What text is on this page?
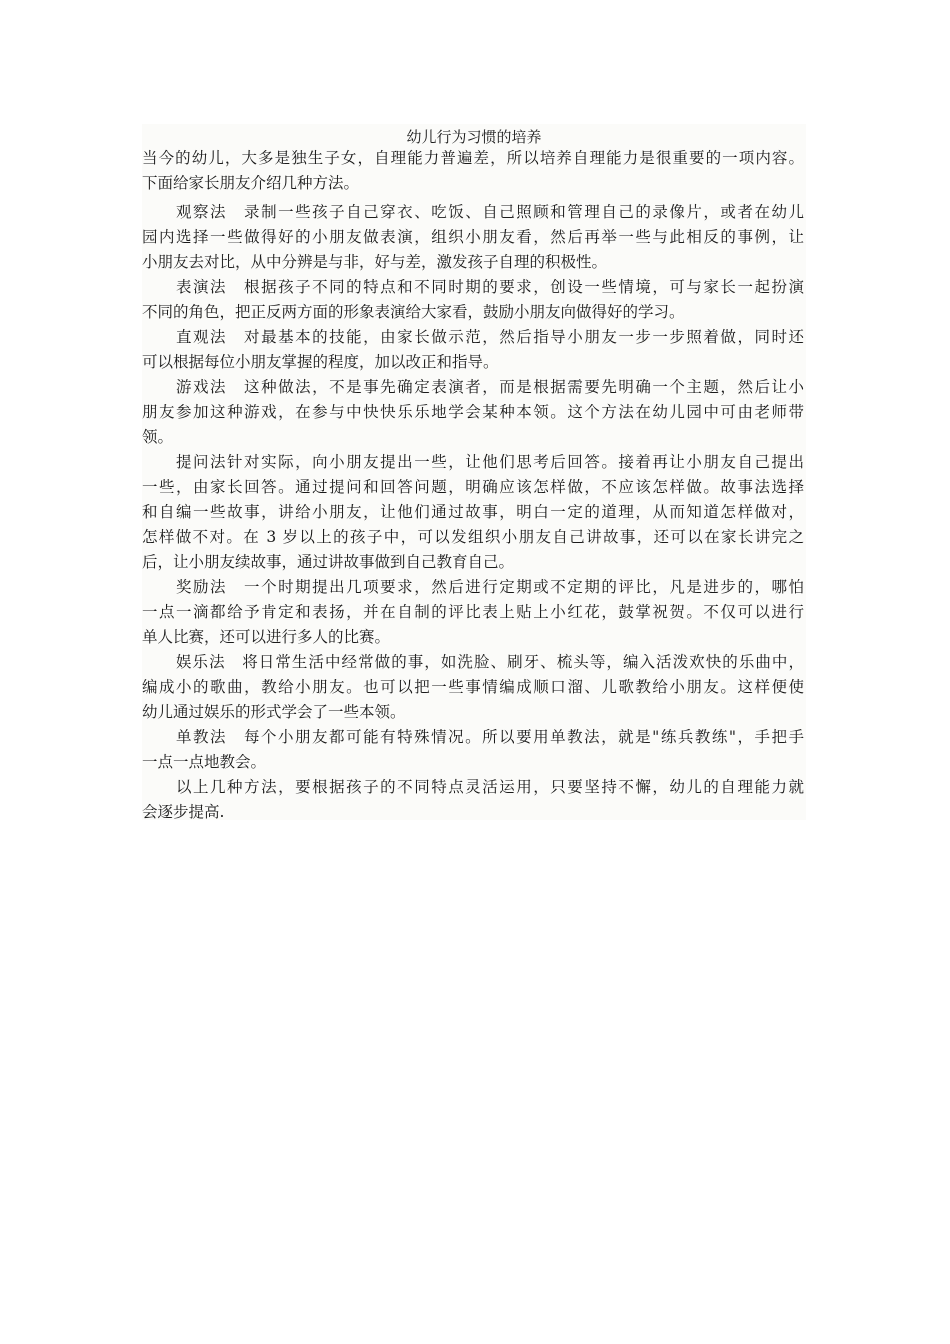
幼儿行为习惯的培养
当今的幼儿，大多是独生子女，自理能力普遍差，所以培养自理能力是很重要的一项内容。
下面给家长朋友介绍几种方法。
观察法　录制一些孩子自己穿衣、吃饭、自己照顾和管理自己的录像片，或者在幼儿
园内选择一些做得好的小朋友做表演，组织小朋友看，然后再举一些与此相反的事例，让
小朋友去对比，从中分辨是与非，好与差，激发孩子自理的积极性。
表演法　根据孩子不同的特点和不同时期的要求，创设一些情境，可与家长一起扮演
不同的角色，把正反两方面的形象表演给大家看，鼓励小朋友向做得好的学习。
直观法　对最基本的技能，由家长做示范，然后指导小朋友一步一步照着做，同时还
可以根据每位小朋友掌握的程度，加以改正和指导。
游戏法　这种做法，不是事先确定表演者，而是根据需要先明确一个主题，然后让小
朋友参加这种游戏，在参与中快快乐乐地学会某种本领。这个方法在幼儿园中可由老师带
领。
提问法针对实际，向小朋友提出一些，让他们思考后回答。接着再让小朋友自己提出
一些，由家长回答。通过提问和回答问题，明确应该怎样做，不应该怎样做。故事法选择
和自编一些故事，讲给小朋友，让他们通过故事，明白一定的道理，从而知道怎样做对，
怎样做不对。在 3 岁以上的孩子中，可以发组织小朋友自己讲故事，还可以在家长讲完之
后，让小朋友续故事，通过讲故事做到自己教育自己。
奖励法　一个时期提出几项要求，然后进行定期或不定期的评比，凡是进步的，哪怕
一点一滴都给予肯定和表扬，并在自制的评比表上贴上小红花，鼓掌祝贺。不仅可以进行
单人比赛，还可以进行多人的比赛。
娱乐法　将日常生活中经常做的事，如洗脸、刷牙、梳头等，编入活泼欢快的乐曲中，
编成小的歌曲，教给小朋友。也可以把一些事情编成顺口溜、儿歌教给小朋友。这样便使
幼儿通过娱乐的形式学会了一些本领。
单教法　每个小朋友都可能有特殊情况。所以要用单教法，就是"练兵教练"，手把手
一点一点地教会。
以上几种方法，要根据孩子的不同特点灵活运用，只要坚持不懈，幼儿的自理能力就
会逐步提高.
